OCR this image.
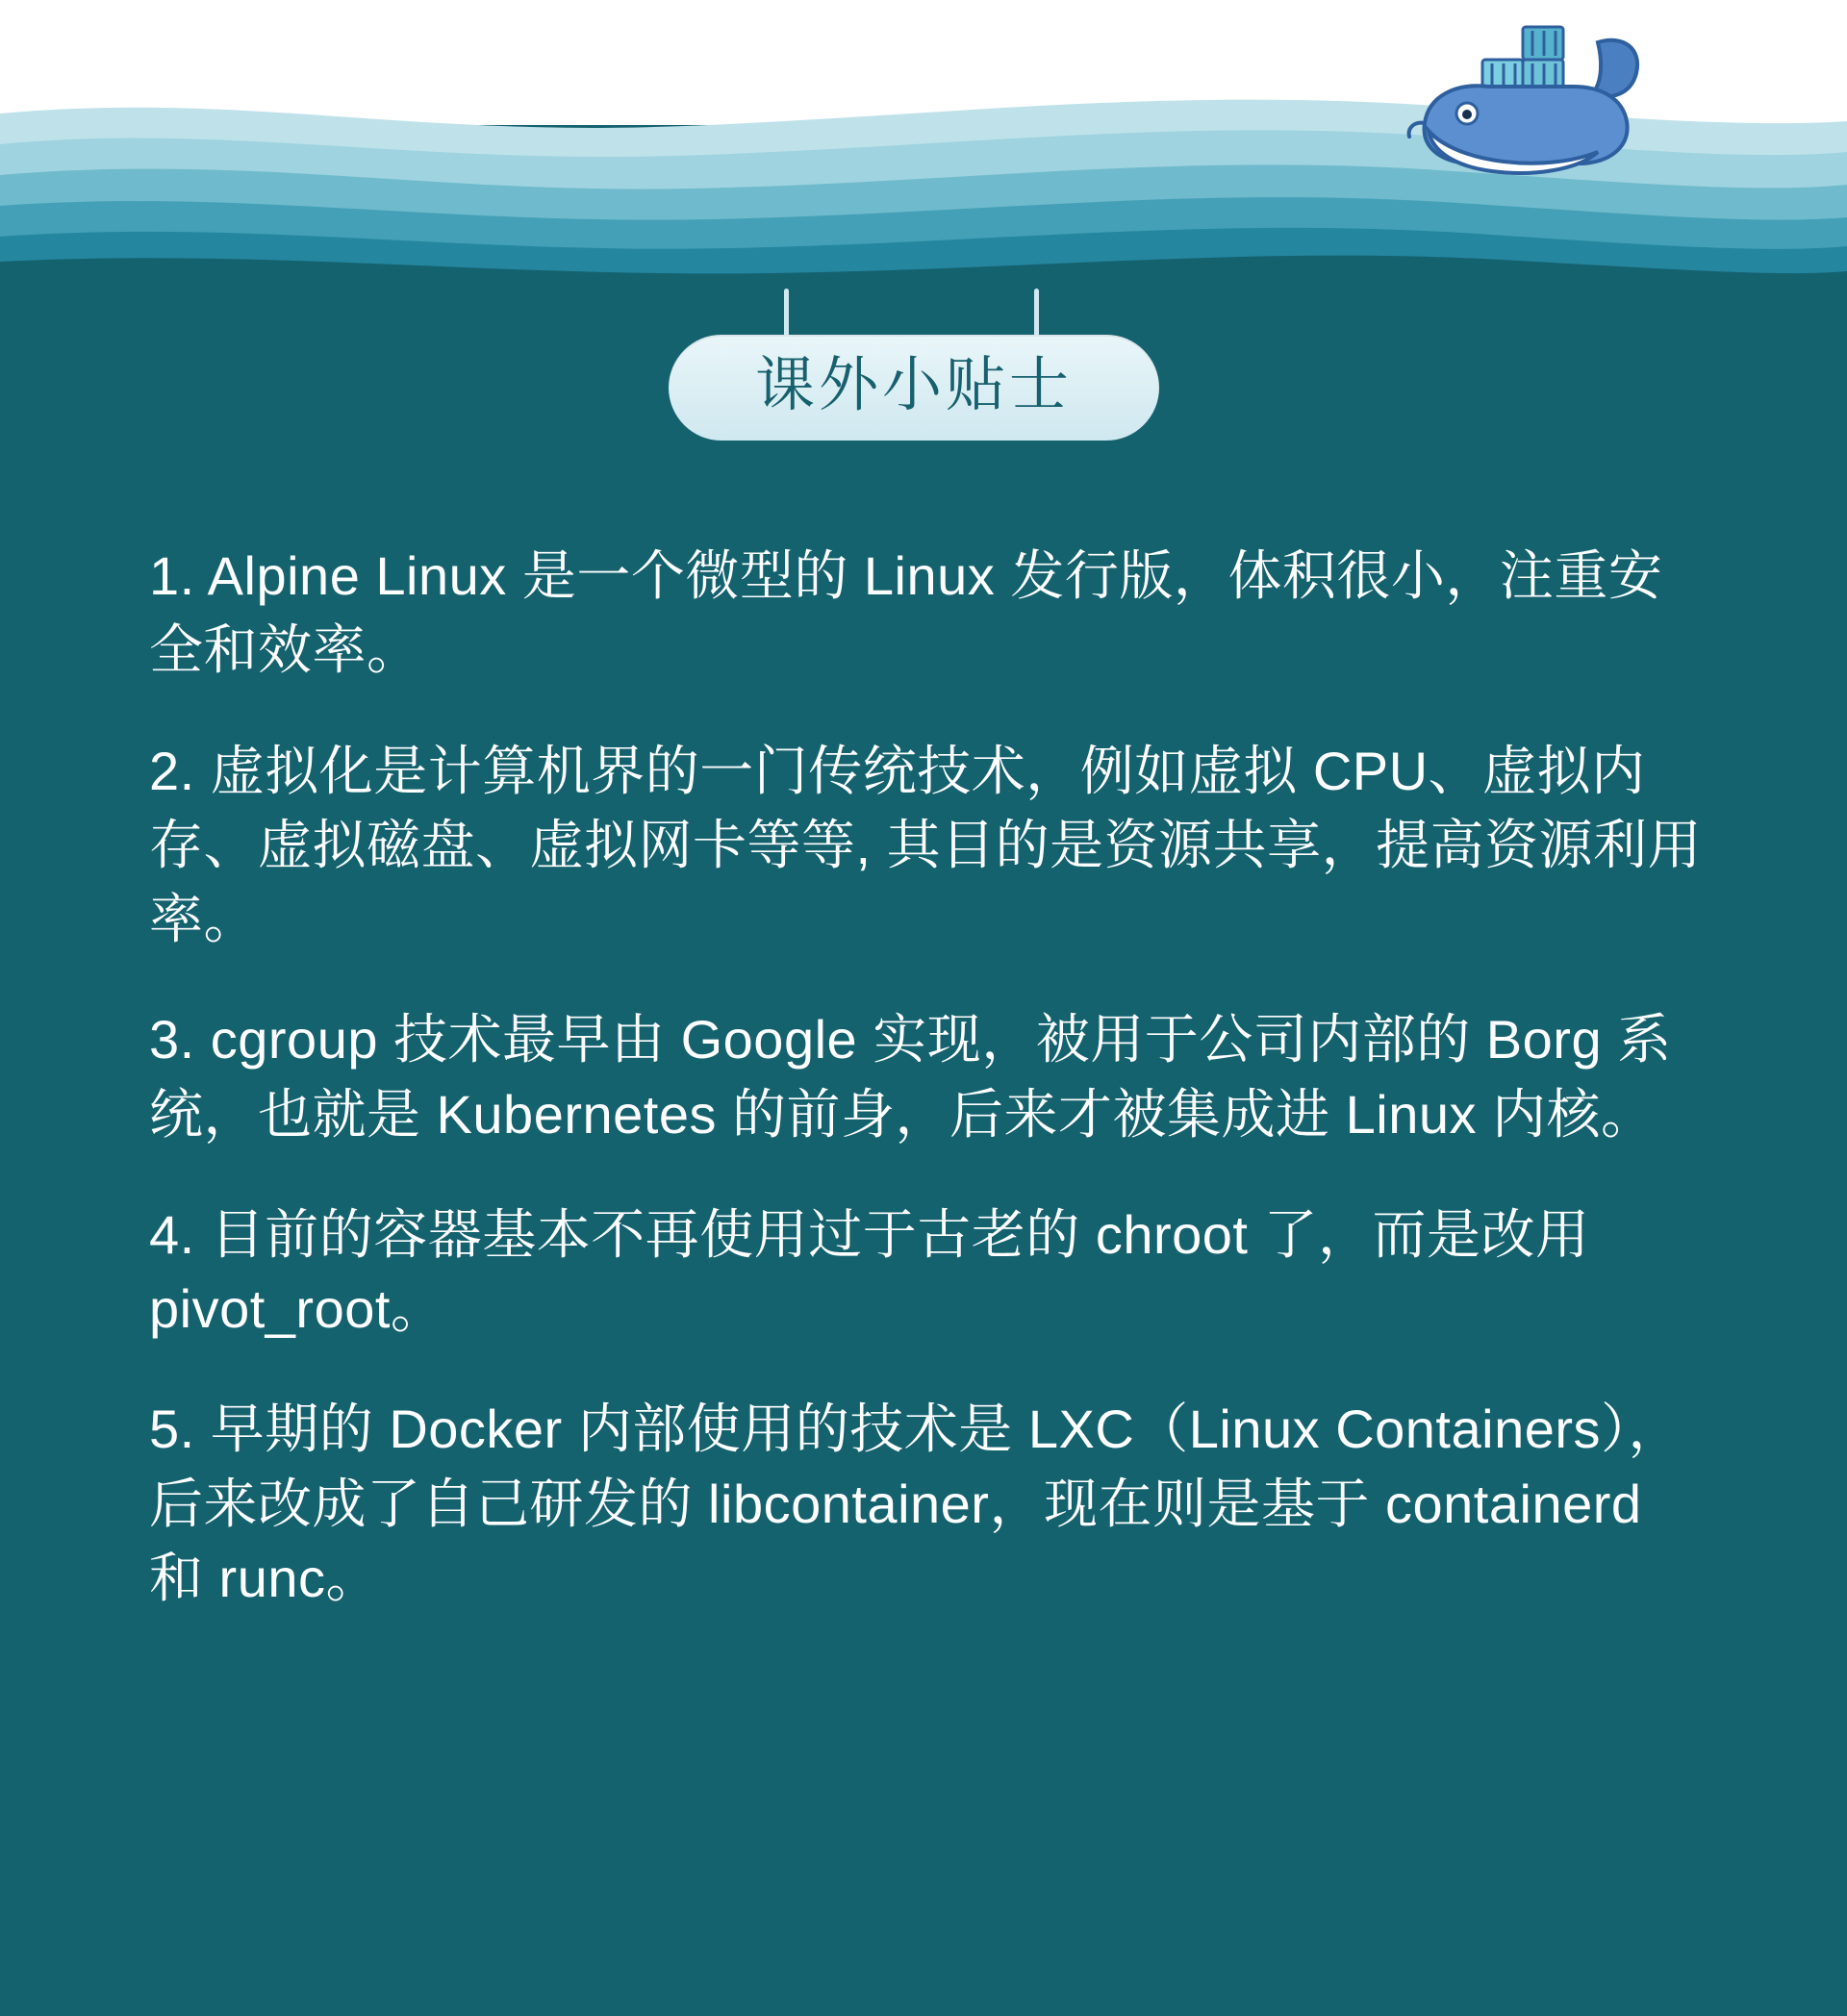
课外小贴士

1. Alpine Linux 是一个微型的 Linux 发行版，体积很小，注重安全和效率。

2. 虚拟化是计算机界的一门传统技术，例如虚拟 CPU、虚拟内存、虚拟磁盘、虚拟网卡等等, 其目的是资源共享，提高资源利用率。

3. cgroup 技术最早由 Google 实现，被用于公司内部的 Borg 系统，也就是 Kubernetes 的前身，后来才被集成进 Linux 内核。

4. 目前的容器基本不再使用过于古老的 chroot 了，而是改用 pivot_root。

5. 早期的 Docker 内部使用的技术是 LXC（Linux Containers），后来改成了自己研发的 libcontainer，现在则是基于 containerd 和 runc。
